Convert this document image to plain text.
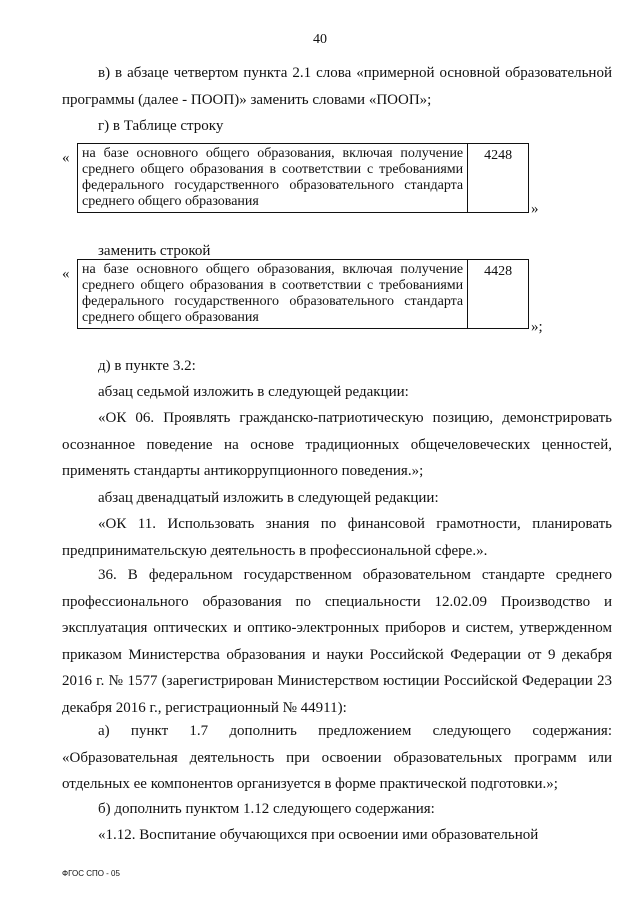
40

в) в абзаце четвертом пункта 2.1 слова «примерной основной образовательной программы (далее - ПООП)» заменить словами «ПООП»;

г) в Таблице строку

« на базе основного общего образования, включая получение среднего общего образования в соответствии с требованиями федерального государственного образовательного стандарта среднего общего образования	4248
»

заменить строкой

« на базе основного общего образования, включая получение среднего общего образования в соответствии с требованиями федерального государственного образовательного стандарта среднего общего образования	4428
»;

д) в пункте 3.2:

абзац седьмой изложить в следующей редакции:

«ОК 06. Проявлять гражданско-патриотическую позицию, демонстрировать осознанное поведение на основе традиционных общечеловеческих ценностей, применять стандарты антикоррупционного поведения.»;

абзац двенадцатый изложить в следующей редакции:

«ОК 11. Использовать знания по финансовой грамотности, планировать предпринимательскую деятельность в профессиональной сфере.».

36. В федеральном государственном образовательном стандарте среднего профессионального образования по специальности 12.02.09 Производство и эксплуатация оптических и оптико-электронных приборов и систем, утвержденном приказом Министерства образования и науки Российской Федерации от 9 декабря 2016 г. № 1577 (зарегистрирован Министерством юстиции Российской Федерации 23 декабря 2016 г., регистрационный № 44911):

а) пункт 1.7 дополнить предложением следующего содержания: «Образовательная деятельность при освоении образовательных программ или отдельных ее компонентов организуется в форме практической подготовки.»;

б) дополнить пунктом 1.12 следующего содержания:

«1.12. Воспитание обучающихся при освоении ими образовательной

ФГОС СПО - 05
